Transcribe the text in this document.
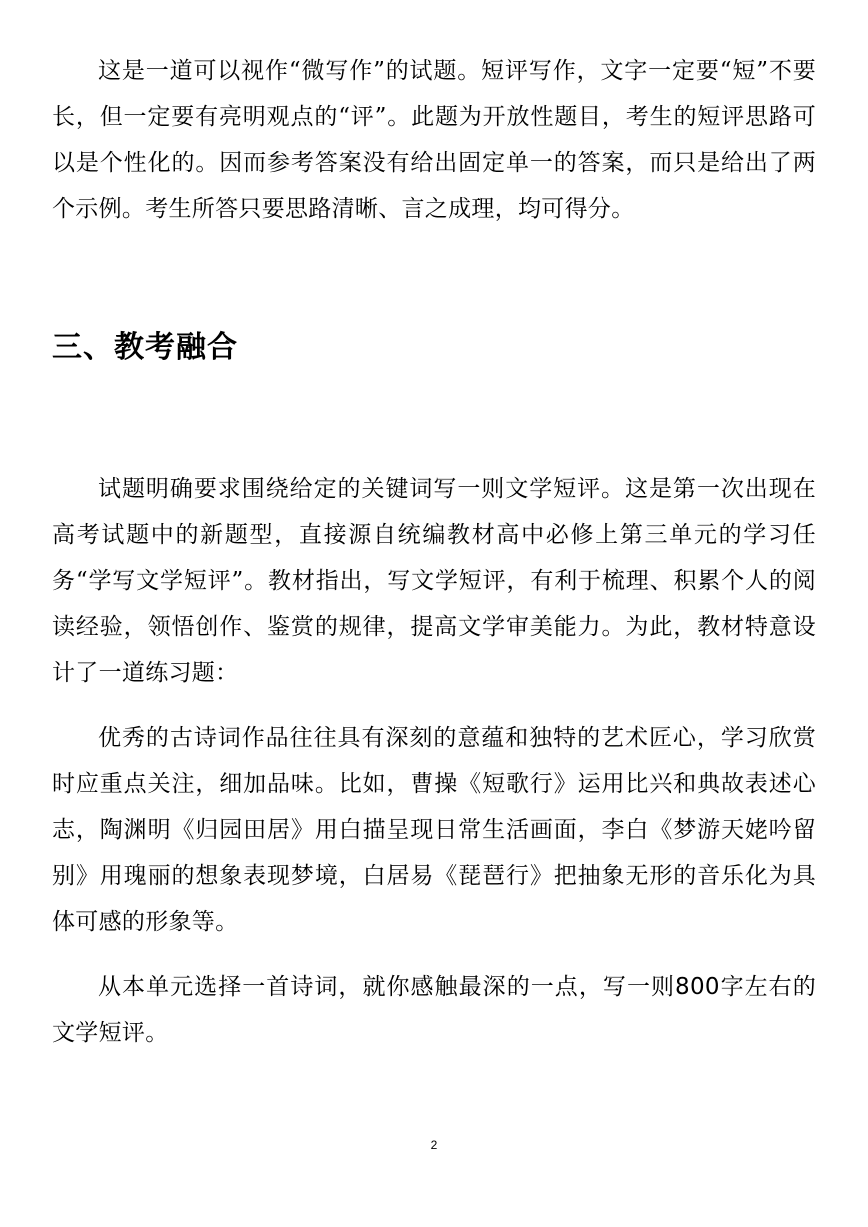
这是一道可以视作“微写作”的试题。短评写作，文字一定要“短”不要长，但一定要有亮明观点的“评”。此题为开放性题目，考生的短评思路可以是个性化的。因而参考答案没有给出固定单一的答案，而只是给出了两个示例。考生所答只要思路清晰、言之成理，均可得分。

三、教考融合

试题明确要求围绕给定的关键词写一则文学短评。这是第一次出现在高考试题中的新题型，直接源自统编教材高中必修上第三单元的学习任务“学写文学短评”。教材指出，写文学短评，有利于梳理、积累个人的阅读经验，领悟创作、鉴赏的规律，提高文学审美能力。为此，教材特意设计了一道练习题：

优秀的古诗词作品往往具有深刻的意蕴和独特的艺术匠心，学习欣赏时应重点关注，细加品味。比如，曹操《短歌行》运用比兴和典故表述心志，陶渊明《归园田居》用白描呈现日常生活画面，李白《梦游天姥吟留别》用瑰丽的想象表现梦境，白居易《琵琶行》把抽象无形的音乐化为具体可感的形象等。

从本单元选择一首诗词，就你感触最深的一点，写一则800字左右的文学短评。

2
